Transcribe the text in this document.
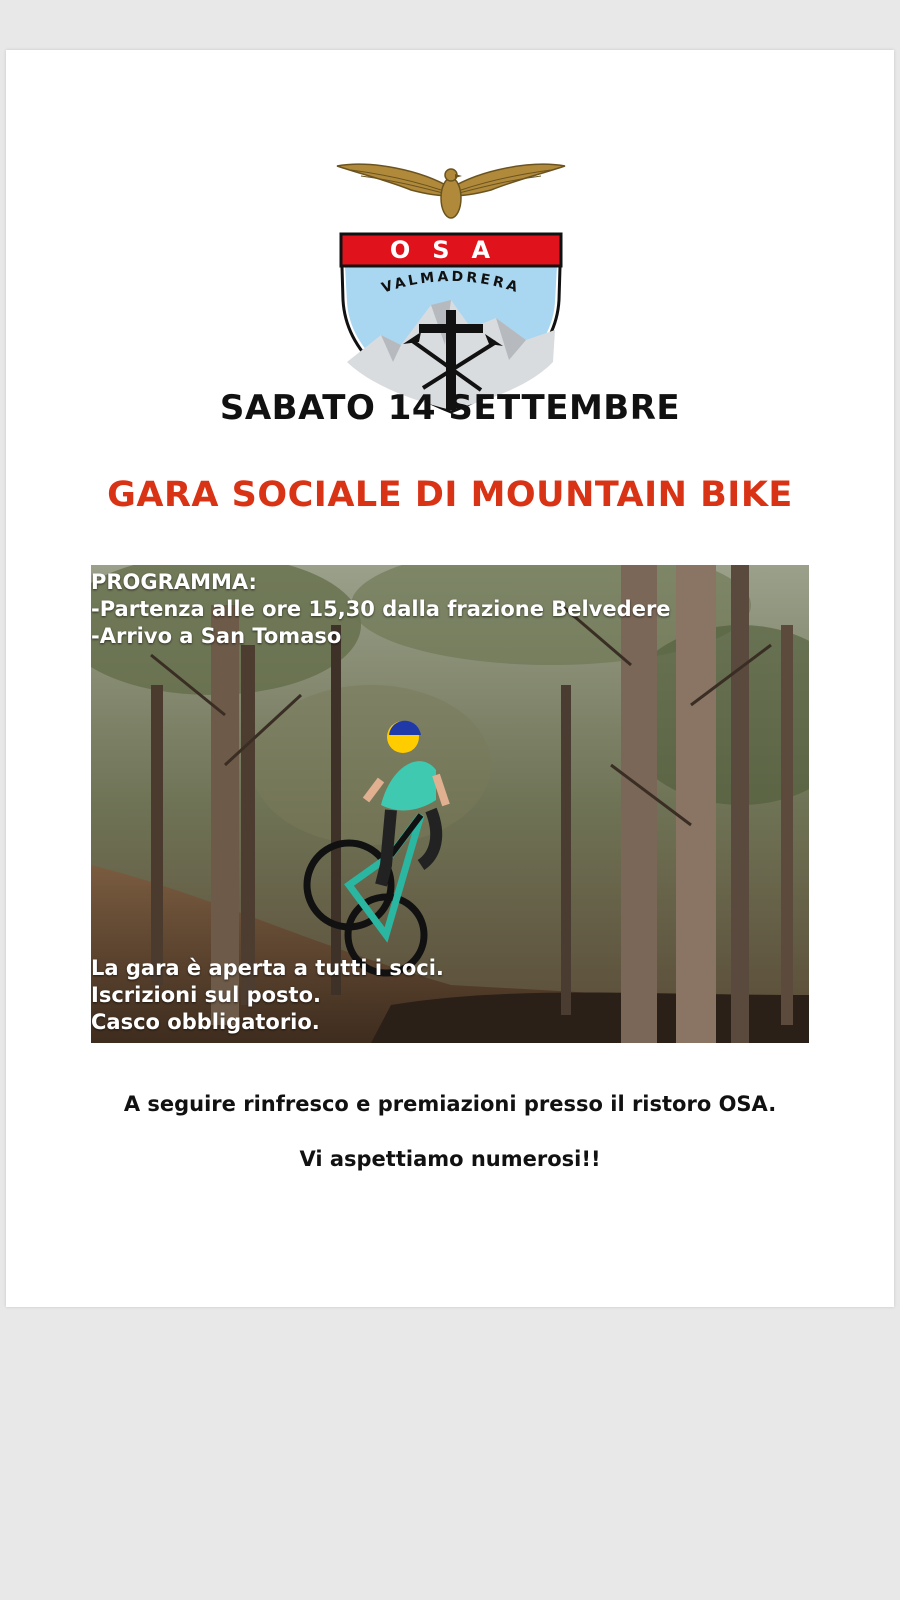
OSA
VALMADRERA
SABATO 14 SETTEMBRE
GARA SOCIALE DI MOUNTAIN BIKE
PROGRAMMA:
-Partenza alle ore 15,30 dalla frazione Belvedere
-Arrivo a San Tomaso
La gara è aperta a tutti i soci.
Iscrizioni sul posto.
Casco obbligatorio.
A seguire rinfresco e premiazioni presso il ristoro OSA.
Vi aspettiamo numerosi!!
